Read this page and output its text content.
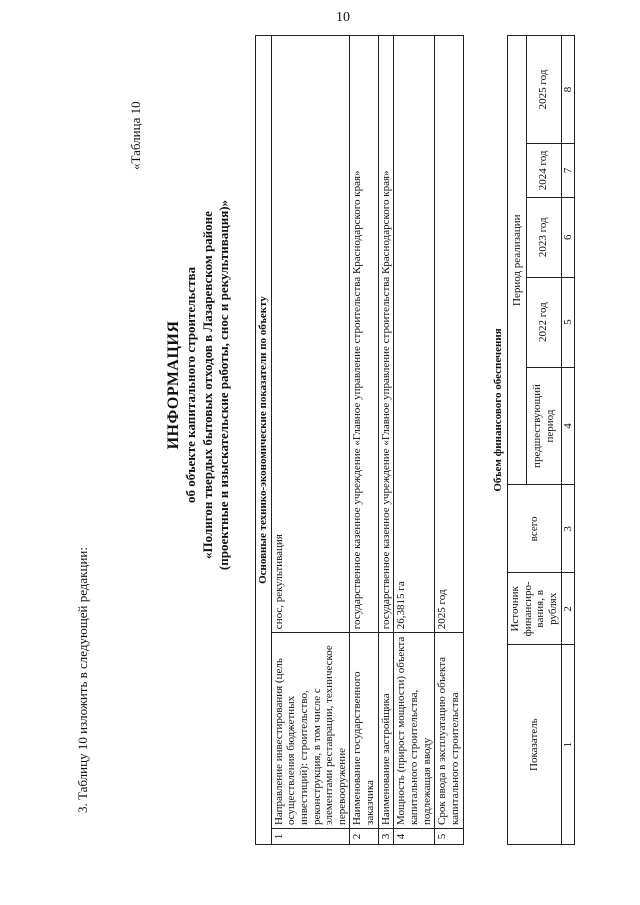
10
3. Таблицу 10 изложить в следующей редакции:
«Таблица 10
ИНФОРМАЦИЯ об объекте капитального строительства «Полигон твердых бытовых отходов в Лазаревском районе (проектные и изыскательские работы, снос и рекультивация)» Основные технико-экономические показатели по объекту		
1	Направление инвестирования (цель осуществления бюджетных инвестиций): строительство, реконструкция, в том числе с элементами реставрации, техническое перевооружение	снос, рекультивация
2	Наименование государственного заказчика	государственное казенное учреждение «Главное управление строительства Краснодарского края»
3	Наименование застройщика	государственное казенное учреждение «Главное управление строительства Краснодарского края»
4	Мощность (прирост мощности) объекта капитального строительства, подлежащая вводу	26,3815 га
5	Срок ввода в эксплуатацию объекта капитального строительства	2025 год
Объем финансового обеспечения
Показатель	Источник финансиро-вания, в рублях	всего	Период реализации				
			предшествующий период	2022 год	2023 год	2024 год	2025 год
1	2	3	4	5	6	7	8
